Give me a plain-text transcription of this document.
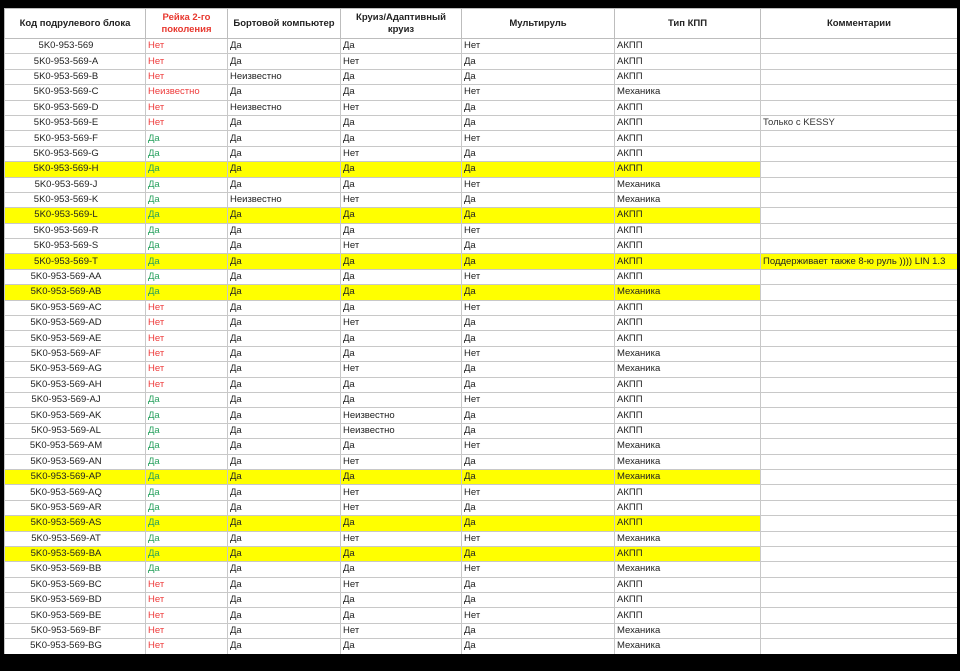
Код подрулевого блока	Рейка 2-го поколения	Бортовой компьютер	Круиз/Адаптивный круиз	Мультируль	Тип КПП	Комментарии
5K0-953-569	Нет	Да	Да	Нет	АКПП	
5K0-953-569-A	Нет	Да	Нет	Да	АКПП	
5K0-953-569-B	Нет	Неизвестно	Да	Да	АКПП	
5K0-953-569-C	Неизвестно	Да	Да	Нет	Механика	
5K0-953-569-D	Нет	Неизвестно	Нет	Да	АКПП	
5K0-953-569-E	Нет	Да	Да	Да	АКПП	Только с KESSY
5K0-953-569-F	Да	Да	Да	Нет	АКПП	
5K0-953-569-G	Да	Да	Нет	Да	АКПП	
5K0-953-569-H	Да	Да	Да	Да	АКПП	
5K0-953-569-J	Да	Да	Да	Нет	Механика	
5K0-953-569-K	Да	Неизвестно	Нет	Да	Механика	
5K0-953-569-L	Да	Да	Да	Да	АКПП	
5K0-953-569-R	Да	Да	Да	Нет	АКПП	
5K0-953-569-S	Да	Да	Нет	Да	АКПП	
5K0-953-569-T	Да	Да	Да	Да	АКПП	Поддерживает также 8-ю руль )))) LIN 1.3
5K0-953-569-AA	Да	Да	Да	Нет	АКПП	
5K0-953-569-AB	Да	Да	Да	Да	Механика	
5K0-953-569-AC	Нет	Да	Да	Нет	АКПП	
5K0-953-569-AD	Нет	Да	Нет	Да	АКПП	
5K0-953-569-AE	Нет	Да	Да	Да	АКПП	
5K0-953-569-AF	Нет	Да	Да	Нет	Механика	
5K0-953-569-AG	Нет	Да	Нет	Да	Механика	
5K0-953-569-AH	Нет	Да	Да	Да	АКПП	
5K0-953-569-AJ	Да	Да	Да	Нет	АКПП	
5K0-953-569-AK	Да	Да	Неизвестно	Да	АКПП	
5K0-953-569-AL	Да	Да	Неизвестно	Да	АКПП	
5K0-953-569-AM	Да	Да	Да	Нет	Механика	
5K0-953-569-AN	Да	Да	Нет	Да	Механика	
5K0-953-569-AP	Да	Да	Да	Да	Механика	
5K0-953-569-AQ	Да	Да	Нет	Нет	АКПП	
5K0-953-569-AR	Да	Да	Нет	Да	АКПП	
5K0-953-569-AS	Да	Да	Да	Да	АКПП	
5K0-953-569-AT	Да	Да	Нет	Нет	Механика	
5K0-953-569-BA	Да	Да	Да	Да	АКПП	
5K0-953-569-BB	Да	Да	Да	Нет	Механика	
5K0-953-569-BC	Нет	Да	Нет	Да	АКПП	
5K0-953-569-BD	Нет	Да	Да	Да	АКПП	
5K0-953-569-BE	Нет	Да	Да	Нет	АКПП	
5K0-953-569-BF	Нет	Да	Нет	Да	Механика	
5K0-953-569-BG	Нет	Да	Да	Да	Механика	
